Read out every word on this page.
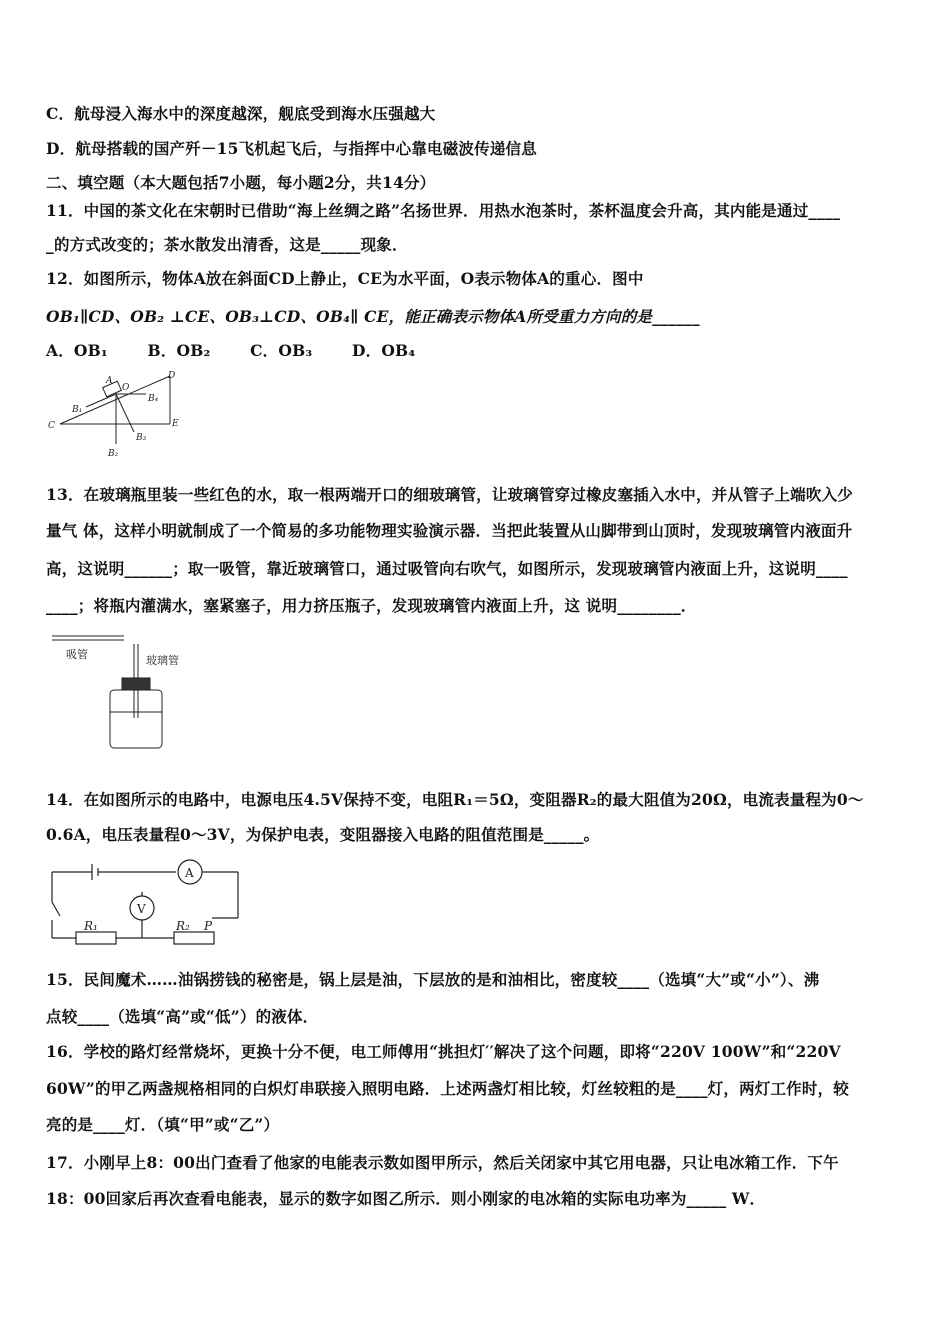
C．航母浸入海水中的深度越深，舰底受到海水压强越大
D．航母搭载的国产歼－15飞机起飞后，与指挥中心靠电磁波传递信息
二、填空题（本大题包括7小题，每小题2分，共14分）
11．中国的茶文化在宋朝时已借助“海上丝绸之路”名扬世界．用热水泡茶时，茶杯温度会升高，其内能是通过____
_的方式改变的；茶水散发出清香，这是_____现象．
12．如图所示，物体A放在斜面CD上静止，CE为水平面，O表示物体A的重心．图中
OB₁∥CD、OB₂ ⊥CE、OB₃⊥CD、OB₄∥ CE，能正确表示物体A所受重力方向的是______
A．OB₁	B．OB₂	C．OB₃	D．OB₄
A
O
C
D
E
B₁
B₂
B₃
B₄
13．在玻璃瓶里装一些红色的水，取一根两端开口的细玻璃管，让玻璃管穿过橡皮塞插入水中，并从管子上端吹入少
量气 体，这样小明就制成了一个简易的多功能物理实验演示器．当把此装置从山脚带到山顶时，发现玻璃管内液面升
高，这说明______；取一吸管，靠近玻璃管口，通过吸管向右吹气，如图所示，发现玻璃管内液面上升，这说明____
____；将瓶内灌满水，塞紧塞子，用力挤压瓶子，发现玻璃管内液面上升，这 说明________．
吸管	玻璃管
14．在如图所示的电路中，电源电压4.5V保持不变，电阻R₁＝5Ω，变阻器R₂的最大阻值为20Ω，电流表量程为0～
0.6A，电压表量程0～3V，为保护电表，变阻器接入电路的阻值范围是_____。
A
V
R₁	R₂ P
15．民间魔术……油锅捞钱的秘密是，锅上层是油，下层放的是和油相比，密度较____（选填“大”或“小”）、沸
点较____（选填“高”或“低”）的液体．
16．学校的路灯经常烧坏，更换十分不便，电工师傅用“挑担灯′′解决了这个问题，即将“220V 100W”和“220V
60W”的甲乙两盏规格相同的白炽灯串联接入照明电路．上述两盏灯相比较，灯丝较粗的是____灯，两灯工作时，较
亮的是____灯．（填“甲”或“乙”）
17．小刚早上8：00出门查看了他家的电能表示数如图甲所示，然后关闭家中其它用电器，只让电冰箱工作．下午
18：00回家后再次查看电能表，显示的数字如图乙所示．则小刚家的电冰箱的实际电功率为_____ W．
